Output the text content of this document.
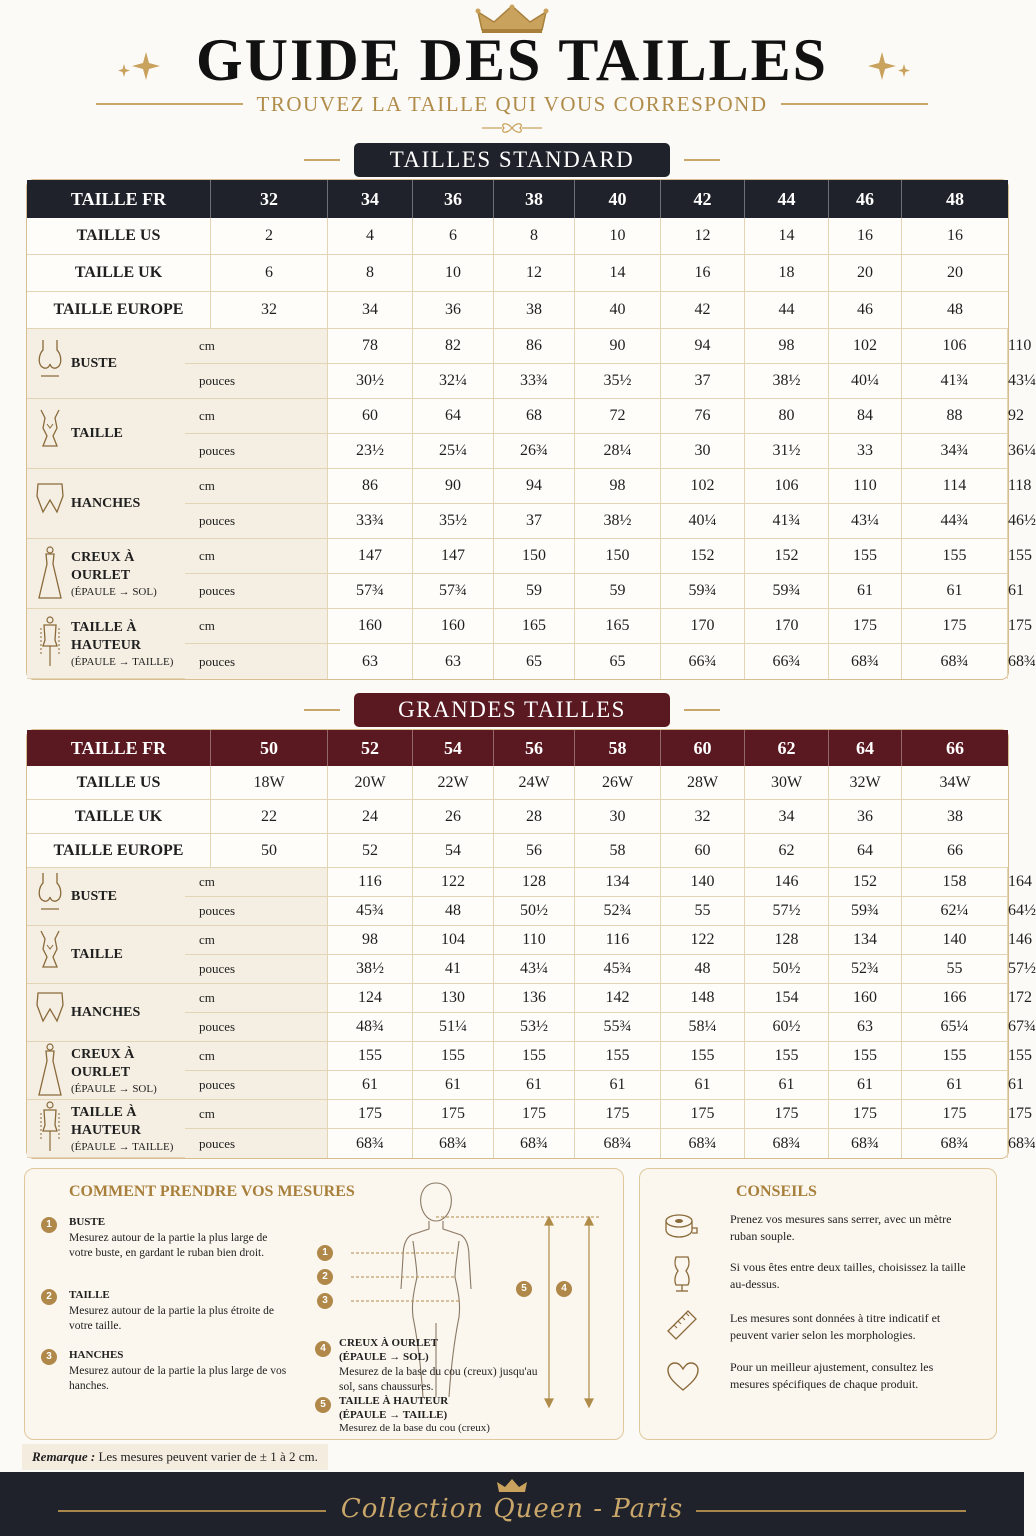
GUIDE DES TAILLES
TROUVEZ LA TAILLE QUI VOUS CORRESPOND
TAILLES STANDARD
TAILLE FR		32	34	36	38	40	42	44	46	48	
TAILLE US		2	4	6	8	10	12	14	16	16	
TAILLE UK		6	8	10	12	14	16	18	20	20	
TAILLE EUROPE		32	34	36	38	40	42	44	46	48	

BUSTE	cm		78	82	86	90	94	98	102	106	110
	pouces		30½	32¼	33¾	35½	37	38½	40¼	41¾	43¼

TAILLE	cm		60	64	68	72	76	80	84	88	92
	pouces		23½	25¼	26¾	28¼	30	31½	33	34¾	36¼

HANCHES	cm		86	90	94	98	102	106	110	114	118
	pouces		33¾	35½	37	38½	40¼	41¾	43¼	44¾	46½

CREUX À OURLET
(ÉPAULE → SOL)	cm		147	147	150	150	152	152	155	155	155
	pouces		57¾	57¾	59	59	59¾	59¾	61	61	61

TAILLE À HAUTEUR
(ÉPAULE → TAILLE)	cm		160	160	165	165	170	170	175	175	175
	pouces		63	63	65	65	66¾	66¾	68¾	68¾	68¾
GRANDES TAILLES
TAILLE FR		50	52	54	56	58	60	62	64	66	
TAILLE US		18W	20W	22W	24W	26W	28W	30W	32W	34W	
TAILLE UK		22	24	26	28	30	32	34	36	38	
TAILLE EUROPE		50	52	54	56	58	60	62	64	66	

BUSTE	cm		116	122	128	134	140	146	152	158	164
	pouces		45¾	48	50½	52¾	55	57½	59¾	62¼	64½

TAILLE	cm		98	104	110	116	122	128	134	140	146
	pouces		38½	41	43¼	45¾	48	50½	52¾	55	57½

HANCHES	cm		124	130	136	142	148	154	160	166	172
	pouces		48¾	51¼	53½	55¾	58¼	60½	63	65¼	67¾

CREUX À OURLET
(ÉPAULE → SOL)	cm		155	155	155	155	155	155	155	155	155
	pouces		61	61	61	61	61	61	61	61	61

TAILLE À HAUTEUR
(ÉPAULE → TAILLE)	cm		175	175	175	175	175	175	175	175	175
	pouces		68¾	68¾	68¾	68¾	68¾	68¾	68¾	68¾	68¾
COMMENT PRENDRE VOS MESURES
1	BUSTE
Mesurez autour de la partie la plus large de votre buste, en gardant le ruban bien droit.
2	TAILLE
Mesurez autour de la partie la plus étroite de votre taille.
3	HANCHES
Mesurez autour de la partie la plus large de vos hanches.
1
2
3
5	4
4	CREUX À OURLET
(ÉPAULE → SOL)
Mesurez de la base du cou (creux) jusqu'au sol, sans chaussures.
5	TAILLE À HAUTEUR
(ÉPAULE → TAILLE)
Mesurez de la base du cou (creux)
CONSEILS
Prenez vos mesures sans serrer, avec un mètre ruban souple.
Si vous êtes entre deux tailles, choisissez la taille au-dessus.
Les mesures sont données à titre indicatif et peuvent varier selon les morphologies.
Pour un meilleur ajustement, consultez les mesures spécifiques de chaque produit.
Remarque : Les mesures peuvent varier de ± 1 à 2 cm.
Collection Queen - Paris
